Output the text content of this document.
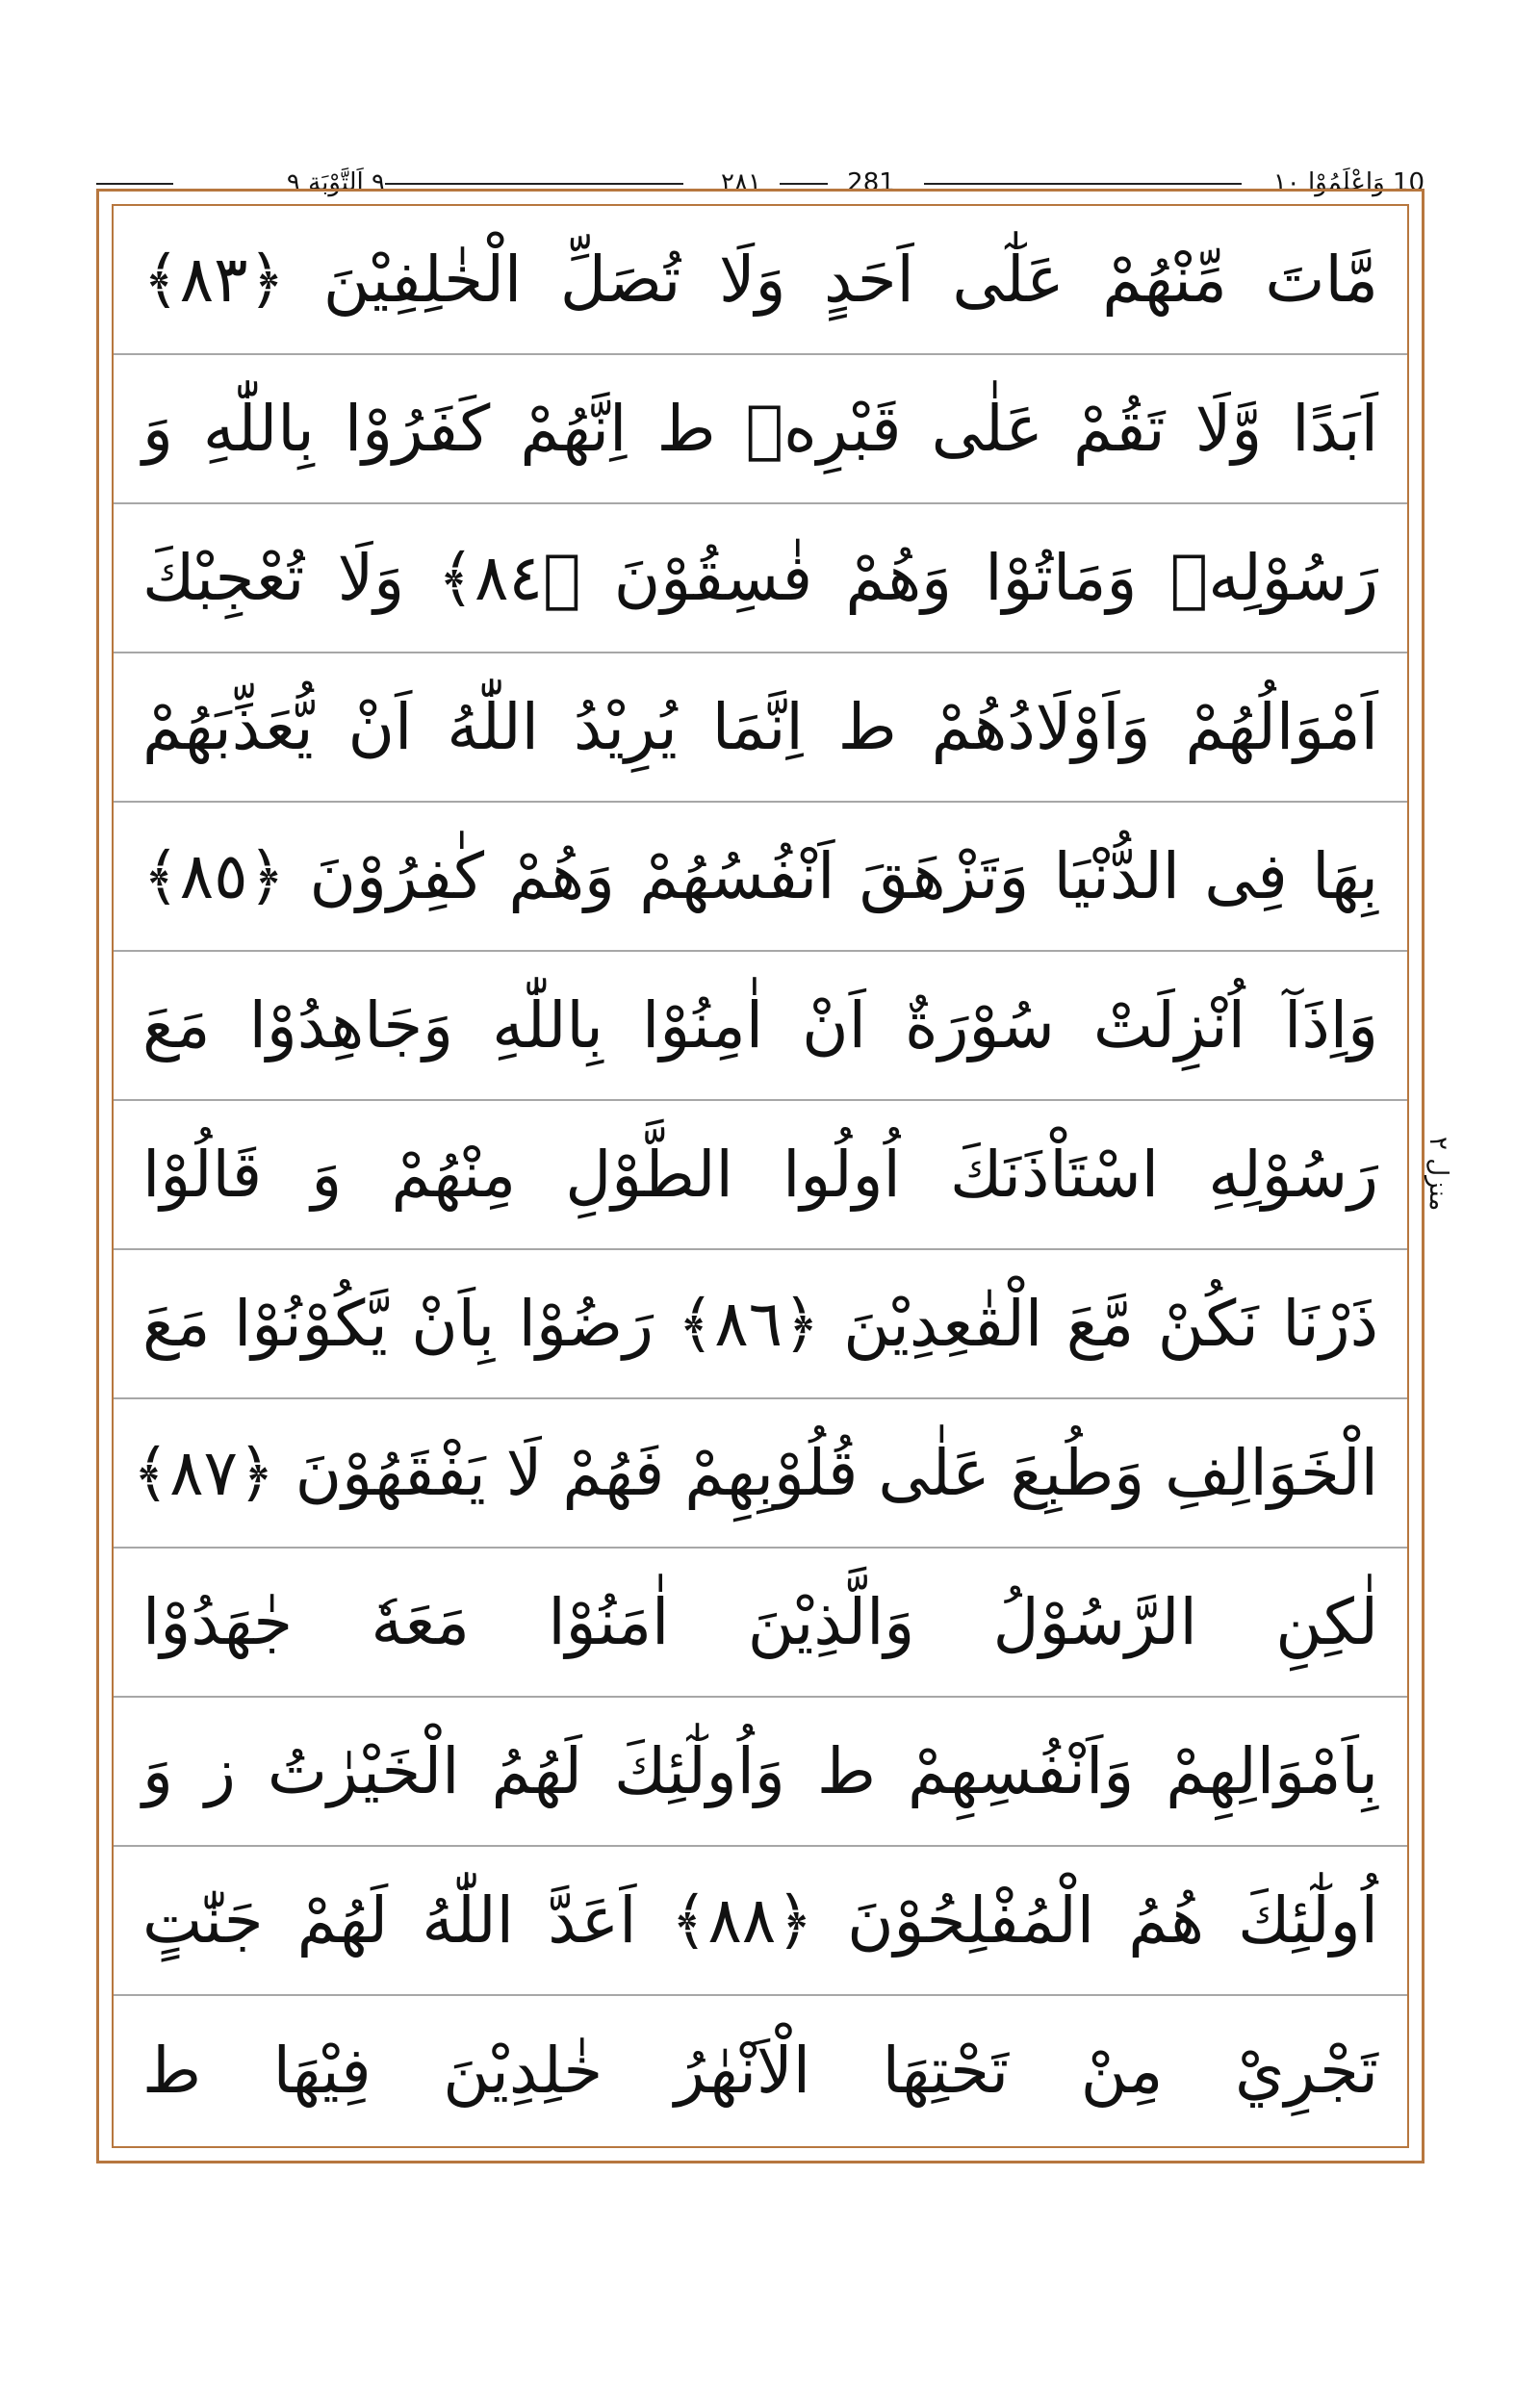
٩ اَلتَّوْبَة ٩	٢٨١	281	10 وَاعْلَمُوْا ١٠
مَّاتَ مِّنْهُمْ عَلٰٓى اَحَدٍ وَلَا تُصَلِّ الْخٰلِفِيْنَ ﴿٨٣﴾
اَبَدًا وَّلَا تَقُمْ عَلٰى قَبْرِهٖ ط اِنَّهُمْ كَفَرُوْا بِاللّٰهِ وَ
رَسُوْلِهٖ وَمَاتُوْا وَهُمْ فٰسِقُوْنَ ﴿٨٤﴾ وَلَا تُعْجِبْكَ
اَمْوَالُهُمْ وَاَوْلَادُهُمْ ط اِنَّمَا يُرِيْدُ اللّٰهُ اَنْ يُّعَذِّبَهُمْ
بِهَا فِى الدُّنْيَا وَتَزْهَقَ اَنْفُسُهُمْ وَهُمْ كٰفِرُوْنَ ﴿٨٥﴾
وَاِذَآ اُنْزِلَتْ سُوْرَةٌ اَنْ اٰمِنُوْا بِاللّٰهِ وَجَاهِدُوْا مَعَ
رَسُوْلِهِ اسْتَاْذَنَكَ اُولُوا الطَّوْلِ مِنْهُمْ وَ قَالُوْا
ذَرْنَا نَكُنْ مَّعَ الْقٰعِدِيْنَ ﴿٨٦﴾ رَضُوْا بِاَنْ يَّكُوْنُوْا مَعَ
الْخَوَالِفِ وَطُبِعَ عَلٰى قُلُوْبِهِمْ فَهُمْ لَا يَفْقَهُوْنَ ﴿٨٧﴾
لٰكِنِ الرَّسُوْلُ وَالَّذِيْنَ اٰمَنُوْا مَعَهٗ جٰهَدُوْا
بِاَمْوَالِهِمْ وَاَنْفُسِهِمْ ط وَاُولٰٓئِكَ لَهُمُ الْخَيْرٰتُ ز وَ
اُولٰٓئِكَ هُمُ الْمُفْلِحُوْنَ ﴿٨٨﴾ اَعَدَّ اللّٰهُ لَهُمْ جَنّٰتٍ
تَجْرِيْ مِنْ تَحْتِهَا الْاَنْهٰرُ خٰلِدِيْنَ فِيْهَا ط
منزل ٢
